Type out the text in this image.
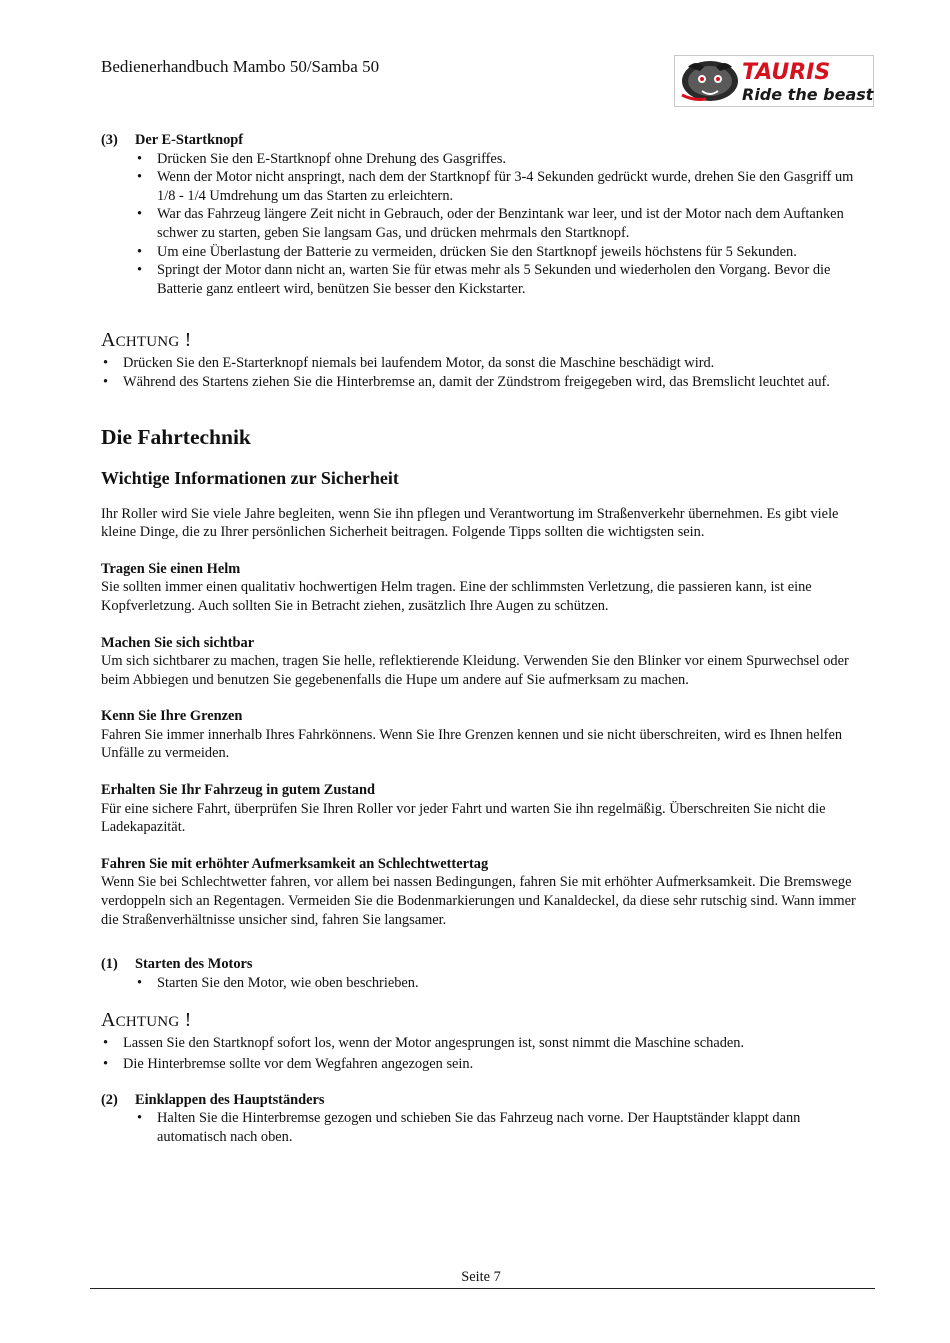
Bedienerhandbuch Mambo 50/Samba 50	TAURIS
Ride the beast!
(3)	Der E-Startknopf
• Drücken Sie den E-Startknopf ohne Drehung des Gasgriffes.
• Wenn der Motor nicht anspringt, nach dem der Startknopf für 3-4 Sekunden gedrückt wurde, drehen Sie den Gasgriff um 1/8 - 1/4 Umdrehung um das Starten zu erleichtern.
• War das Fahrzeug längere Zeit nicht in Gebrauch, oder der Benzintank war leer, und ist der Motor nach dem Auftanken schwer zu starten, geben Sie langsam Gas, und drücken mehrmals den Startknopf.
• Um eine Überlastung der Batterie zu vermeiden, drücken Sie den Startknopf jeweils höchstens für 5 Sekunden.
• Springt der Motor dann nicht an, warten Sie für etwas mehr als 5 Sekunden und wiederholen den Vorgang. Bevor die Batterie ganz entleert wird, benützen Sie besser den Kickstarter.
ACHTUNG !
• Drücken Sie den E-Starterknopf niemals bei laufendem Motor, da sonst die Maschine beschädigt wird.
• Während des Startens ziehen Sie die Hinterbremse an, damit der Zündstrom freigegeben wird, das Bremslicht leuchtet auf.
Die Fahrtechnik
Wichtige Informationen zur Sicherheit
Ihr Roller wird Sie viele Jahre begleiten, wenn Sie ihn pflegen und Verantwortung im Straßenverkehr übernehmen. Es gibt viele kleine Dinge, die zu Ihrer persönlichen Sicherheit beitragen. Folgende Tipps sollten die wichtigsten sein.
Tragen Sie einen Helm
Sie sollten immer einen qualitativ hochwertigen Helm tragen. Eine der schlimmsten Verletzung, die passieren kann, ist eine Kopfverletzung. Auch sollten Sie in Betracht ziehen, zusätzlich Ihre Augen zu schützen.
Machen Sie sich sichtbar
Um sich sichtbarer zu machen, tragen Sie helle, reflektierende Kleidung. Verwenden Sie den Blinker vor einem Spurwechsel oder beim Abbiegen und benutzen Sie gegebenenfalls die Hupe um andere auf Sie aufmerksam zu machen.
Kenn Sie Ihre Grenzen
Fahren Sie immer innerhalb Ihres Fahrkönnens. Wenn Sie Ihre Grenzen kennen und sie nicht überschreiten, wird es Ihnen helfen Unfälle zu vermeiden.
Erhalten Sie Ihr Fahrzeug in gutem Zustand
Für eine sichere Fahrt, überprüfen Sie Ihren Roller vor jeder Fahrt und warten Sie ihn regelmäßig. Überschreiten Sie nicht die Ladekapazität.
Fahren Sie mit erhöhter Aufmerksamkeit an Schlechtwettertag
Wenn Sie bei Schlechtwetter fahren, vor allem bei nassen Bedingungen, fahren Sie mit erhöhter Aufmerksamkeit. Die Bremswege verdoppeln sich an Regentagen. Vermeiden Sie die Bodenmarkierungen und Kanaldeckel, da diese sehr rutschig sind. Wann immer die Straßenverhältnisse unsicher sind, fahren Sie langsamer.
(1)	Starten des Motors
• Starten Sie den Motor, wie oben beschrieben.
ACHTUNG !
• Lassen Sie den Startknopf sofort los, wenn der Motor angesprungen ist, sonst nimmt die Maschine schaden.
• Die Hinterbremse sollte vor dem Wegfahren angezogen sein.
(2)	Einklappen des Hauptständers
• Halten Sie die Hinterbremse gezogen und schieben Sie das Fahrzeug nach vorne. Der Hauptständer klappt dann automatisch nach oben.
Seite 7
